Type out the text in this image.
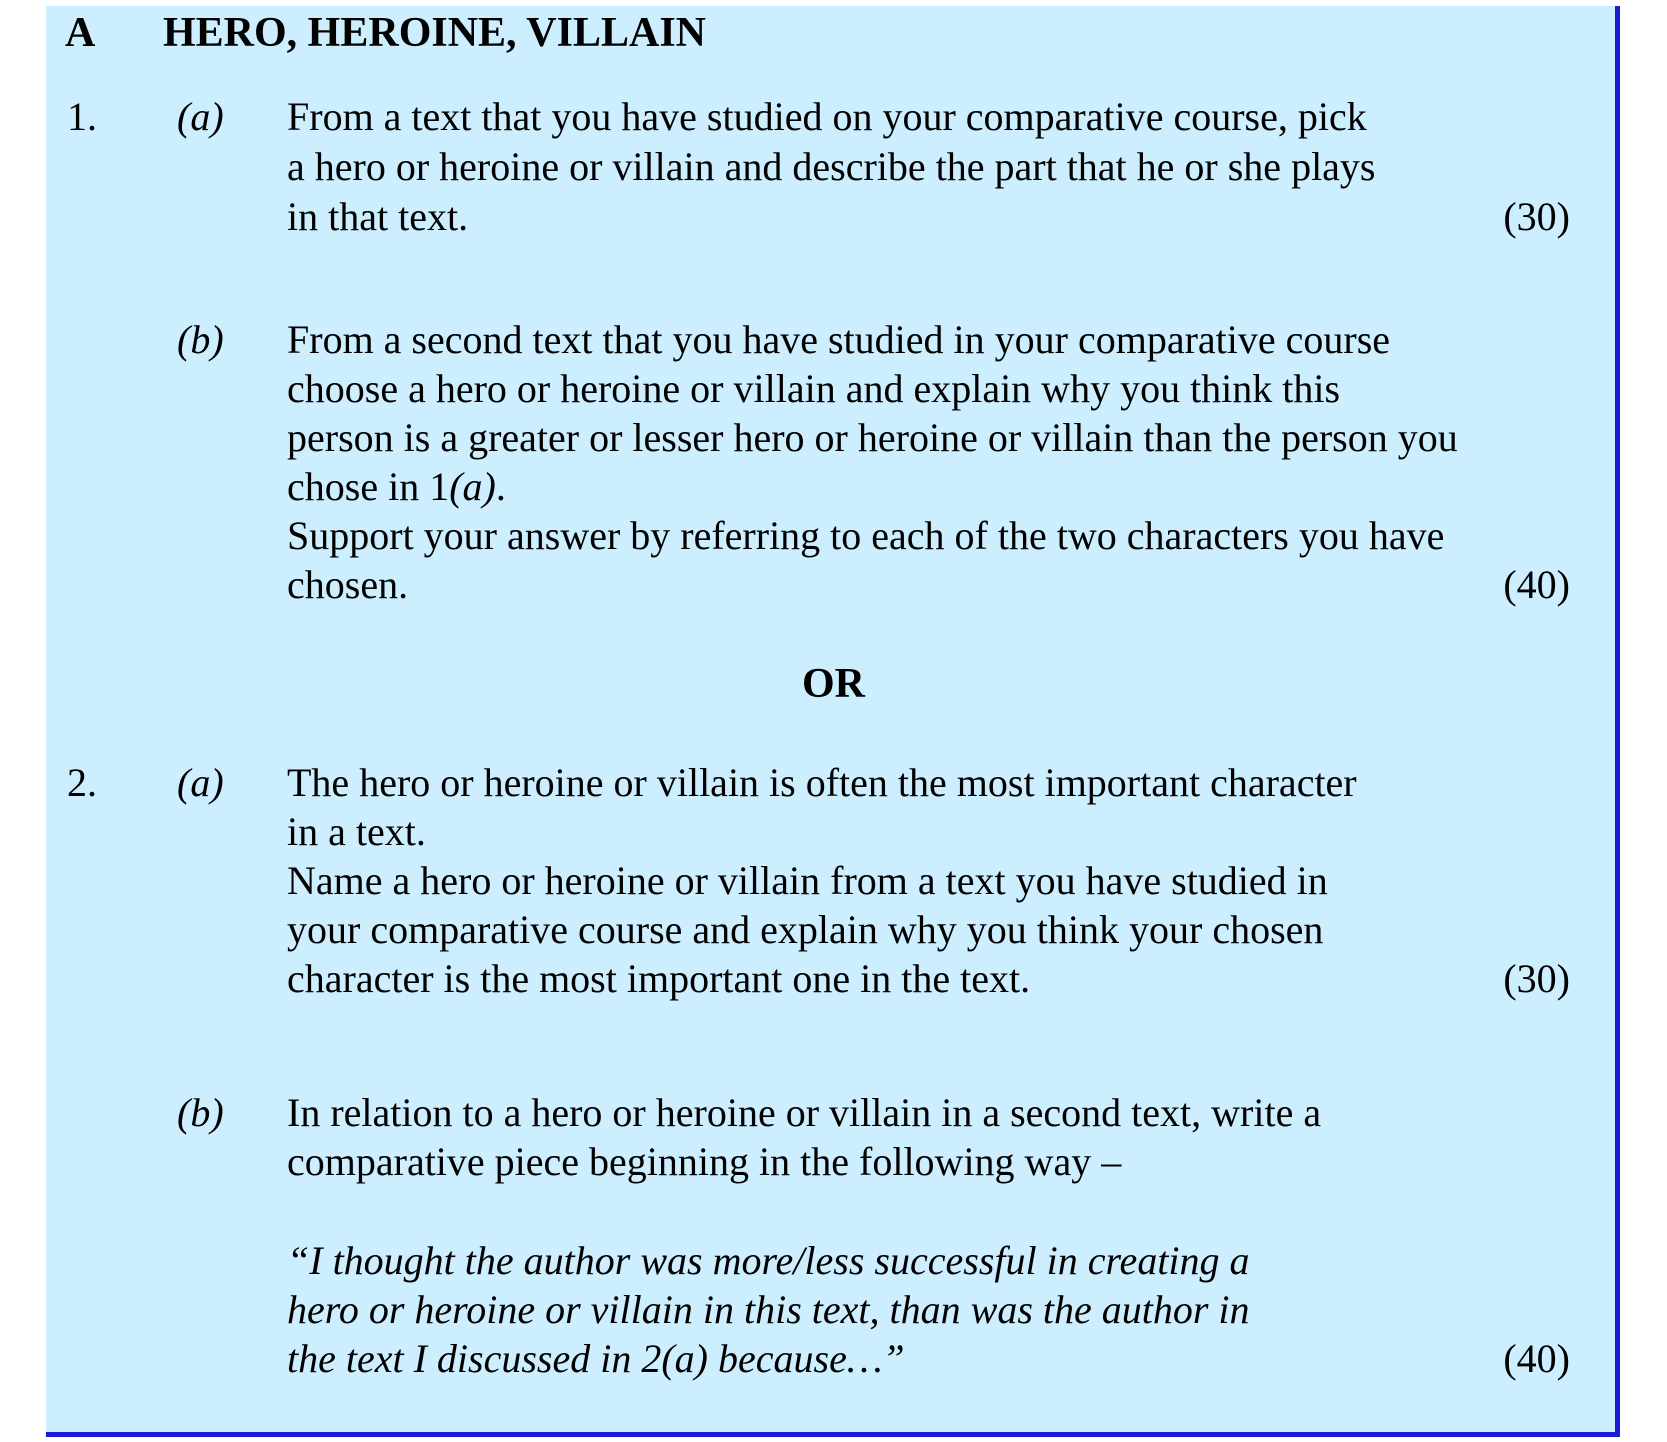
A HERO, HEROINE, VILLAIN
1. (a) From a text that you have studied on your comparative course, pick
a hero or heroine or villain and describe the part that he or she plays
in that text.	(30)
(b) From a second text that you have studied in your comparative course
choose a hero or heroine or villain and explain why you think this
person is a greater or lesser hero or heroine or villain than the person you
chose in 1(a).
Support your answer by referring to each of the two characters you have
chosen.	(40)
OR
2. (a) The hero or heroine or villain is often the most important character
in a text.
Name a hero or heroine or villain from a text you have studied in
your comparative course and explain why you think your chosen
character is the most important one in the text.	(30)
(b) In relation to a hero or heroine or villain in a second text, write a
comparative piece beginning in the following way –
“I thought the author was more/less successful in creating a
hero or heroine or villain in this text, than was the author in
the text I discussed in 2(a) because…”	(40)
